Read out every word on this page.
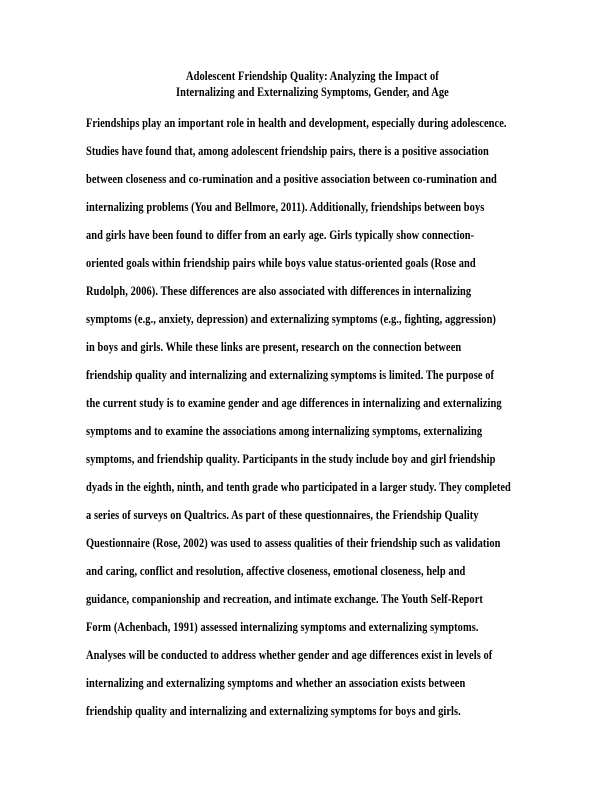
Adolescent Friendship Quality: Analyzing the Impact of
Internalizing and Externalizing Symptoms, Gender, and Age
Friendships play an important role in health and development, especially during adolescence.
Studies have found that, among adolescent friendship pairs, there is a positive association
between closeness and co-rumination and a positive association between co-rumination and
internalizing problems (You and Bellmore, 2011). Additionally, friendships between boys
and girls have been found to differ from an early age. Girls typically show connection-
oriented goals within friendship pairs while boys value status-oriented goals (Rose and
Rudolph, 2006). These differences are also associated with differences in internalizing
symptoms (e.g., anxiety, depression) and externalizing symptoms (e.g., fighting, aggression)
in boys and girls. While these links are present, research on the connection between
friendship quality and internalizing and externalizing symptoms is limited. The purpose of
the current study is to examine gender and age differences in internalizing and externalizing
symptoms and to examine the associations among internalizing symptoms, externalizing
symptoms, and friendship quality. Participants in the study include boy and girl friendship
dyads in the eighth, ninth, and tenth grade who participated in a larger study. They completed
a series of surveys on Qualtrics. As part of these questionnaires, the Friendship Quality
Questionnaire (Rose, 2002) was used to assess qualities of their friendship such as validation
and caring, conflict and resolution, affective closeness, emotional closeness, help and
guidance, companionship and recreation, and intimate exchange. The Youth Self-Report
Form (Achenbach, 1991) assessed internalizing symptoms and externalizing symptoms.
Analyses will be conducted to address whether gender and age differences exist in levels of
internalizing and externalizing symptoms and whether an association exists between
friendship quality and internalizing and externalizing symptoms for boys and girls.
